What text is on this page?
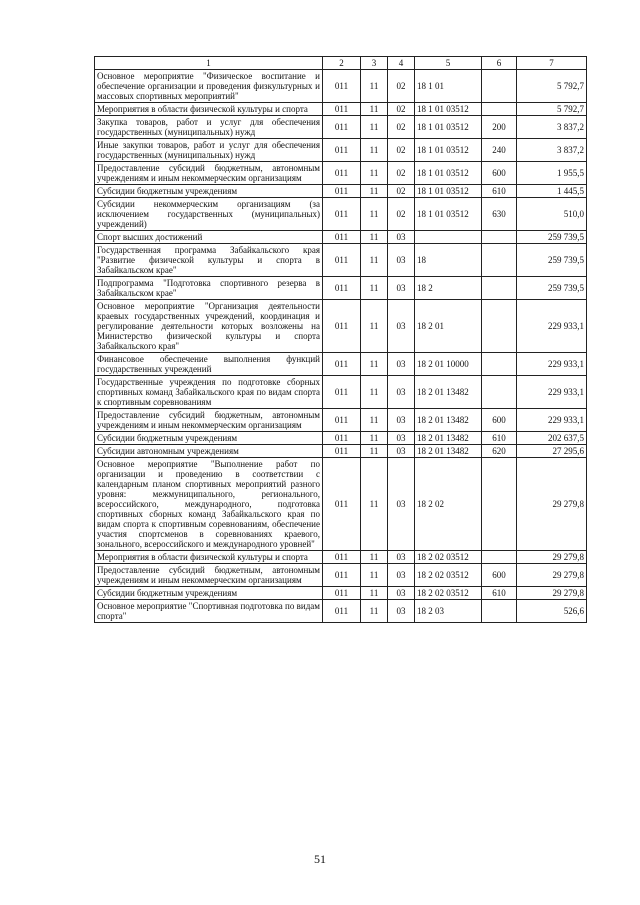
1	2	3	4	5	6	7
Основное мероприятие "Физическое воспитание и обеспечение организации и проведения физкультурных и массовых спортивных мероприятий"	011	11	02	18 1 01		5 792,7
Мероприятия в области физической культуры и спорта	011	11	02	18 1 01 03512		5 792,7
Закупка товаров, работ и услуг для обеспечения государственных (муниципальных) нужд	011	11	02	18 1 01 03512	200	3 837,2
Иные закупки товаров, работ и услуг для обеспечения государственных (муниципальных) нужд	011	11	02	18 1 01 03512	240	3 837,2
Предоставление субсидий бюджетным, автономным учреждениям и иным некоммерческим организациям	011	11	02	18 1 01 03512	600	1 955,5
Субсидии бюджетным учреждениям	011	11	02	18 1 01 03512	610	1 445,5
Субсидии некоммерческим организациям (за исключением государственных (муниципальных) учреждений)	011	11	02	18 1 01 03512	630	510,0
Спорт высших достижений	011	11	03			259 739,5
Государственная программа Забайкальского края "Развитие физической культуры и спорта в Забайкальском крае"	011	11	03	18		259 739,5
Подпрограмма "Подготовка спортивного резерва в Забайкальском крае"	011	11	03	18 2		259 739,5
Основное мероприятие "Организация деятельности краевых государственных учреждений, координация и регулирование деятельности которых возложены на Министерство физической культуры и спорта Забайкальского края"	011	11	03	18 2 01		229 933,1
Финансовое обеспечение выполнения функций государственных учреждений	011	11	03	18 2 01 10000		229 933,1
Государственные учреждения по подготовке сборных спортивных команд Забайкальского края по видам спорта к спортивным соревнованиям	011	11	03	18 2 01 13482		229 933,1
Предоставление субсидий бюджетным, автономным учреждениям и иным некоммерческим организациям	011	11	03	18 2 01 13482	600	229 933,1
Субсидии бюджетным учреждениям	011	11	03	18 2 01 13482	610	202 637,5
Субсидии автономным учреждениям	011	11	03	18 2 01 13482	620	27 295,6
Основное мероприятие "Выполнение работ по организации и проведению в соответствии с календарным планом спортивных мероприятий разного уровня: межмуниципального, регионального, всероссийского, международного, подготовка спортивных сборных команд Забайкальского края по видам спорта к спортивным соревнованиям, обеспечение участия спортсменов в соревнованиях краевого, зонального, всероссийского и международного уровней"	011	11	03	18 2 02		29 279,8
Мероприятия в области физической культуры и спорта	011	11	03	18 2 02 03512		29 279,8
Предоставление субсидий бюджетным, автономным учреждениям и иным некоммерческим организациям	011	11	03	18 2 02 03512	600	29 279,8
Субсидии бюджетным учреждениям	011	11	03	18 2 02 03512	610	29 279,8
Основное мероприятие "Спортивная подготовка по видам спорта"	011	11	03	18 2 03		526,6
51
